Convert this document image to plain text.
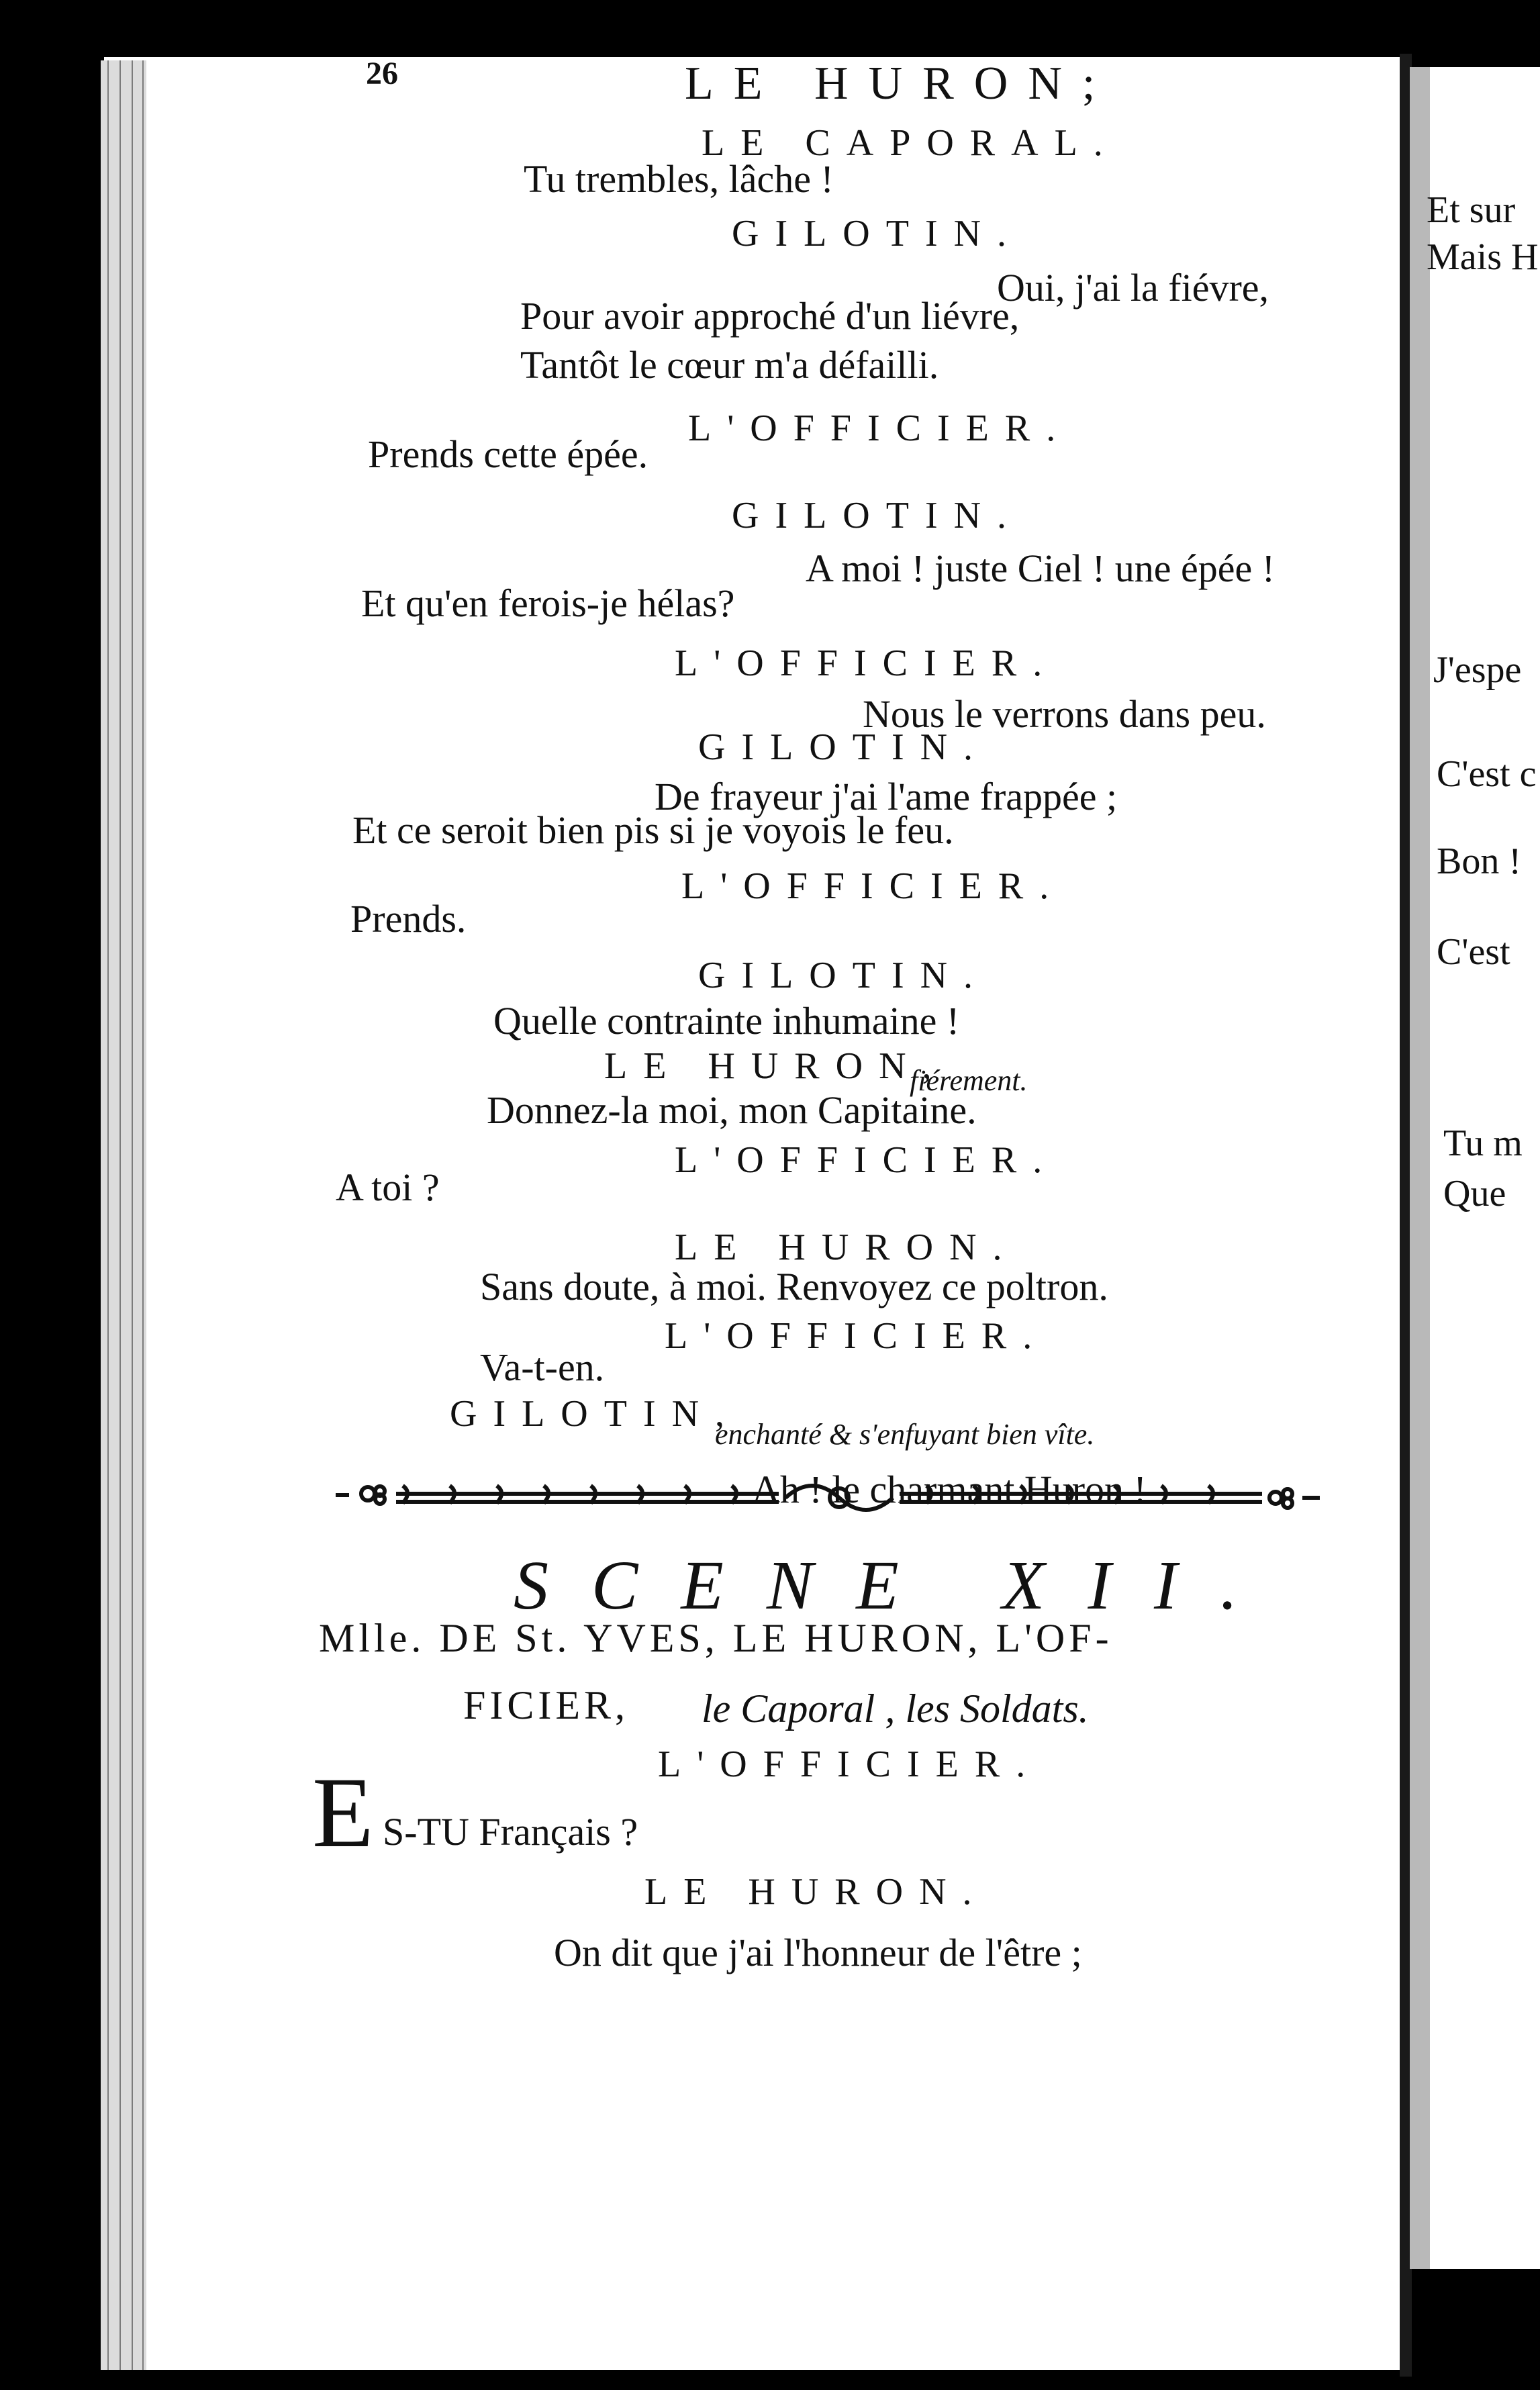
26	LE HURON;
LE CAPORAL.
Tu trembles, lâche !
GILOTIN.
Oui, j'ai la fiévre,
Pour avoir approché d'un liévre,
Tantôt le cœur m'a défailli.
L'OFFICIER.
Prends cette épée.
GILOTIN.
A moi ! juste Ciel ! une épée !
Et qu'en ferois-je hélas?
L'OFFICIER.
Nous le verrons dans peu.
GILOTIN.
De frayeur j'ai l'ame frappée ;
Et ce seroit bien pis si je voyois le feu.
L'OFFICIER.
Prends.
GILOTIN.
Quelle contrainte inhumaine !
LE HURON,
fiérement.
Donnez-la moi, mon Capitaine.
L'OFFICIER.
A toi ?
LE HURON.
Sans doute, à moi. Renvoyez ce poltron.
L'OFFICIER.
Va-t-en.
GILOTIN,
enchanté & s'enfuyant bien vîte.
Ah ! le charmant Huron !
SCENE XII.
Mlle. DE St. YVES, LE HURON, L'OF-
FICIER, le Caporal , les Soldats.
L'OFFICIER.
E S-TU Français ?
LE HURON.
On dit que j'ai l'honneur de l'être ;
Et sur
Mais H
J'espe
C'est c
Bon !
C'est
Tu m
Que
